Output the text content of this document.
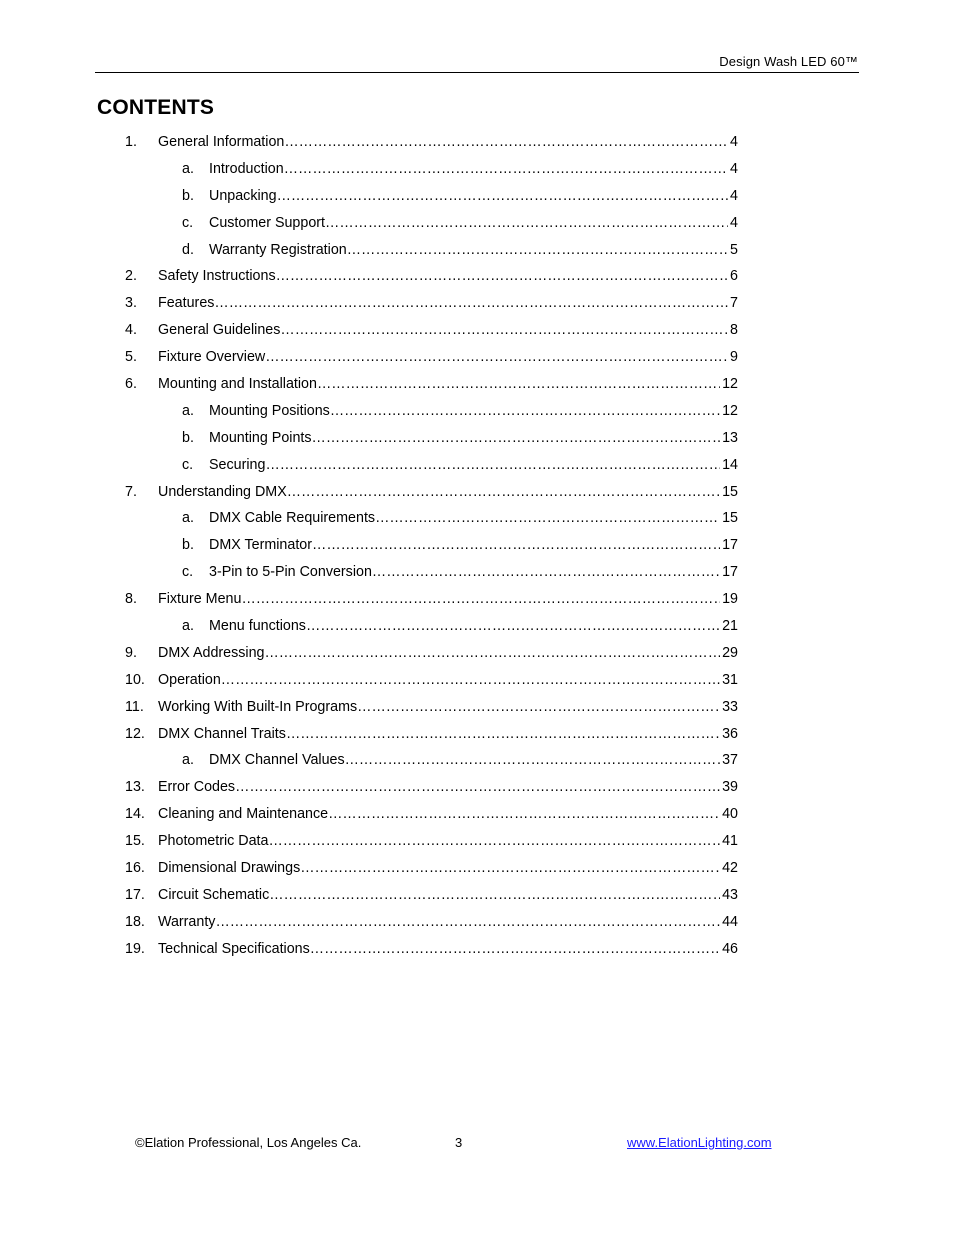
Design Wash LED 60™
CONTENTS
1. General Information ……………………………………………………………………………………………………………………………………………………………………………………………………………………	4
a. Introduction ……………………………………………………………………………………………………………………………………………………………………………………………………………………	4
b. Unpacking ……………………………………………………………………………………………………………………………………………………………………………………………………………………	4
c. Customer Support ……………………………………………………………………………………………………………………………………………………………………………………………………………………	4
d. Warranty Registration ……………………………………………………………………………………………………………………………………………………………………………………………………………………	5
2. Safety Instructions ……………………………………………………………………………………………………………………………………………………………………………………………………………………	6
3. Features ……………………………………………………………………………………………………………………………………………………………………………………………………………………	7
4. General Guidelines ……………………………………………………………………………………………………………………………………………………………………………………………………………………	8
5. Fixture Overview ……………………………………………………………………………………………………………………………………………………………………………………………………………………	9
6. Mounting and Installation ……………………………………………………………………………………………………………………………………………………………………………………………………………………	12
a. Mounting Positions ……………………………………………………………………………………………………………………………………………………………………………………………………………………	12
b. Mounting Points ……………………………………………………………………………………………………………………………………………………………………………………………………………………	13
c. Securing ……………………………………………………………………………………………………………………………………………………………………………………………………………………	14
7. Understanding DMX ……………………………………………………………………………………………………………………………………………………………………………………………………………………	15
a. DMX Cable Requirements ……………………………………………………………………………………………………………………………………………………………………………………………………………………	15
b. DMX Terminator ……………………………………………………………………………………………………………………………………………………………………………………………………………………	17
c. 3-Pin to 5-Pin Conversion ……………………………………………………………………………………………………………………………………………………………………………………………………………………	17
8. Fixture Menu ……………………………………………………………………………………………………………………………………………………………………………………………………………………	19
a. Menu functions ……………………………………………………………………………………………………………………………………………………………………………………………………………………	21
9. DMX Addressing ……………………………………………………………………………………………………………………………………………………………………………………………………………………	29
10. Operation ……………………………………………………………………………………………………………………………………………………………………………………………………………………	31
11. Working With Built-In Programs ……………………………………………………………………………………………………………………………………………………………………………………………………………………	33
12. DMX Channel Traits ……………………………………………………………………………………………………………………………………………………………………………………………………………………	36
a. DMX Channel Values ……………………………………………………………………………………………………………………………………………………………………………………………………………………	37
13. Error Codes ……………………………………………………………………………………………………………………………………………………………………………………………………………………	39
14. Cleaning and Maintenance ……………………………………………………………………………………………………………………………………………………………………………………………………………………	40
15. Photometric Data ……………………………………………………………………………………………………………………………………………………………………………………………………………………	41
16. Dimensional Drawings ……………………………………………………………………………………………………………………………………………………………………………………………………………………	42
17. Circuit Schematic ……………………………………………………………………………………………………………………………………………………………………………………………………………………	43
18. Warranty ……………………………………………………………………………………………………………………………………………………………………………………………………………………	44
19. Technical Specifications ……………………………………………………………………………………………………………………………………………………………………………………………………………………	46
©Elation Professional, Los Angeles Ca.	3	www.ElationLighting.com
